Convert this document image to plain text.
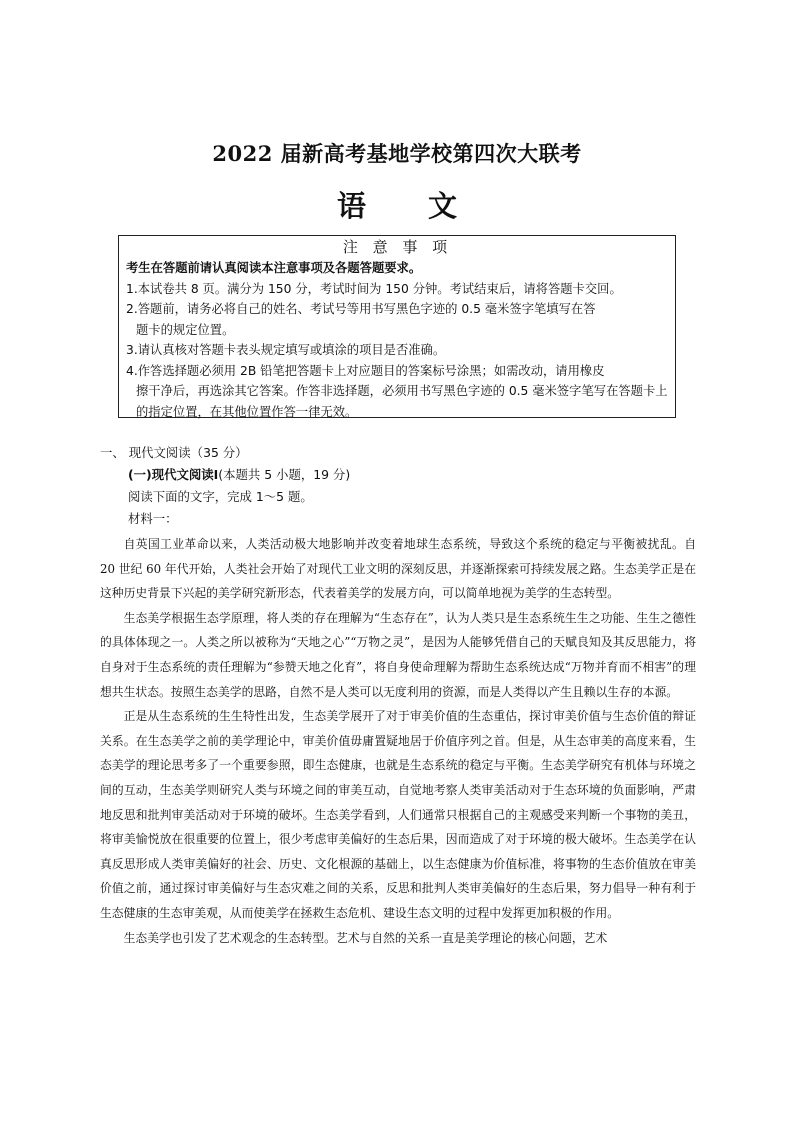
2022 届新高考基地学校第四次大联考
语 文
注 意 事 项
考生在答题前请认真阅读本注意事项及各题答题要求。
1.本试卷共 8 页。满分为 150 分，考试时间为 150 分钟。考试结束后，请将答题卡交回。
2.答题前，请务必将自己的姓名、考试号等用书写黑色字迹的 0.5 毫米签字笔填写在答
题卡的规定位置。
3.请认真核对答题卡表头规定填写或填涂的项目是否准确。
4.作答选择题必须用 2B 铅笔把答题卡上对应题目的答案标号涂黑；如需改动，请用橡皮
擦干净后，再选涂其它答案。作答非选择题，必须用书写黑色字迹的 0.5 毫米签字笔写在答题卡上的指定位置，在其他位置作答一律无效。
一、 现代文阅读（35 分）
(一)现代文阅读Ⅰ(本题共 5 小题，19 分)
阅读下面的文字，完成 1～5 题。
材料一：

自英国工业革命以来，人类活动极大地影响并改变着地球生态系统，导致这个系统的稳定与平衡被扰乱。自 20 世纪 60 年代开始，人类社会开始了对现代工业文明的深刻反思，并逐渐探索可持续发展之路。生态美学正是在这种历史背景下兴起的美学研究新形态，代表着美学的发展方向，可以简单地视为美学的生态转型。

生态美学根据生态学原理，将人类的存在理解为“生态存在”，认为人类只是生态系统生生之功能、生生之德性的具体体现之一。人类之所以被称为“天地之心”“万物之灵”，是因为人能够凭借自己的天赋良知及其反思能力，将自身对于生态系统的责任理解为“参赞天地之化育”，将自身使命理解为帮助生态系统达成“万物并育而不相害”的理想共生状态。按照生态美学的思路，自然不是人类可以无度利用的资源，而是人类得以产生且赖以生存的本源。

正是从生态系统的生生特性出发，生态美学展开了对于审美价值的生态重估，探讨审美价值与生态价值的辩证关系。在生态美学之前的美学理论中，审美价值毋庸置疑地居于价值序列之首。但是，从生态审美的高度来看，生态美学的理论思考多了一个重要参照，即生态健康，也就是生态系统的稳定与平衡。生态美学研究有机体与环境之间的互动，生态美学则研究人类与环境之间的审美互动，自觉地考察人类审美活动对于生态环境的负面影响，严肃地反思和批判审美活动对于环境的破坏。生态美学看到，人们通常只根据自己的主观感受来判断一个事物的美丑，将审美愉悦放在很重要的位置上，很少考虑审美偏好的生态后果，因而造成了对于环境的极大破坏。生态美学在认真反思形成人类审美偏好的社会、历史、文化根源的基础上，以生态健康为价值标准，将事物的生态价值放在审美价值之前，通过探讨审美偏好与生态灾难之间的关系，反思和批判人类审美偏好的生态后果，努力倡导一种有利于生态健康的生态审美观，从而使美学在拯救生态危机、建设生态文明的过程中发挥更加积极的作用。

生态美学也引发了艺术观念的生态转型。艺术与自然的关系一直是美学理论的核心问题，艺术
